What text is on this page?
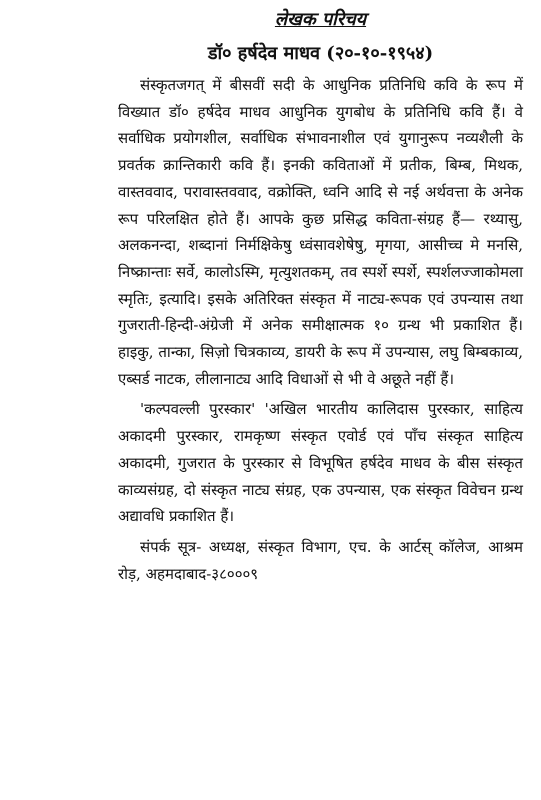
लेखक परिचय
डॉ० हर्षदेव माधव (२०-१०-१९५४)

संस्कृतजगत् में बीसवीं सदी के आधुनिक प्रतिनिधि कवि के रूप में विख्यात डॉ० हर्षदेव माधव आधुनिक युगबोध के प्रतिनिधि कवि हैं। वे सर्वाधिक प्रयोगशील, सर्वाधिक संभावनाशील एवं युगानुरूप नव्यशैली के प्रवर्तक क्रान्तिकारी कवि हैं। इनकी कविताओं में प्रतीक, बिम्ब, मिथक, वास्तववाद, परावास्तववाद, वक्रोक्ति, ध्वनि आदि से नई अर्थवत्ता के अनेक रूप परिलक्षित होते हैं। आपके कुछ प्रसिद्ध कविता-संग्रह हैं— रथ्यासु, अलकनन्दा, शब्दानां निर्मक्षिकेषु ध्वंसावशेषेषु, मृगया, आसीच्च मे मनसि, निष्क्रान्ताः सर्वे, कालोऽस्मि, मृत्युशतकम्, तव स्पर्शे स्पर्शे, स्पर्शलज्जाकोमला स्मृतिः, इत्यादि। इसके अतिरिक्त संस्कृत में नाट्य-रूपक एवं उपन्यास तथा गुजराती-हिन्दी-अंग्रेजी में अनेक समीक्षात्मक १० ग्रन्थ भी प्रकाशित हैं। हाइकु, तान्का, सिज़ो चित्रकाव्य, डायरी के रूप में उपन्यास, लघु बिम्बकाव्य, एब्सर्ड नाटक, लीलानाट्य आदि विधाओं से भी वे अछूते नहीं हैं।

'कल्पवल्ली पुरस्कार' 'अखिल भारतीय कालिदास पुरस्कार, साहित्य अकादमी पुरस्कार, रामकृष्ण संस्कृत एवोर्ड एवं पाँच संस्कृत साहित्य अकादमी, गुजरात के पुरस्कार से विभूषित हर्षदेव माधव के बीस संस्कृत काव्यसंग्रह, दो संस्कृत नाट्य संग्रह, एक उपन्यास, एक संस्कृत विवेचन ग्रन्थ अद्यावधि प्रकाशित हैं।

संपर्क सूत्र- अध्यक्ष, संस्कृत विभाग, एच. के आर्टस् कॉलेज, आश्रम रोड़, अहमदाबाद-३८०००९
